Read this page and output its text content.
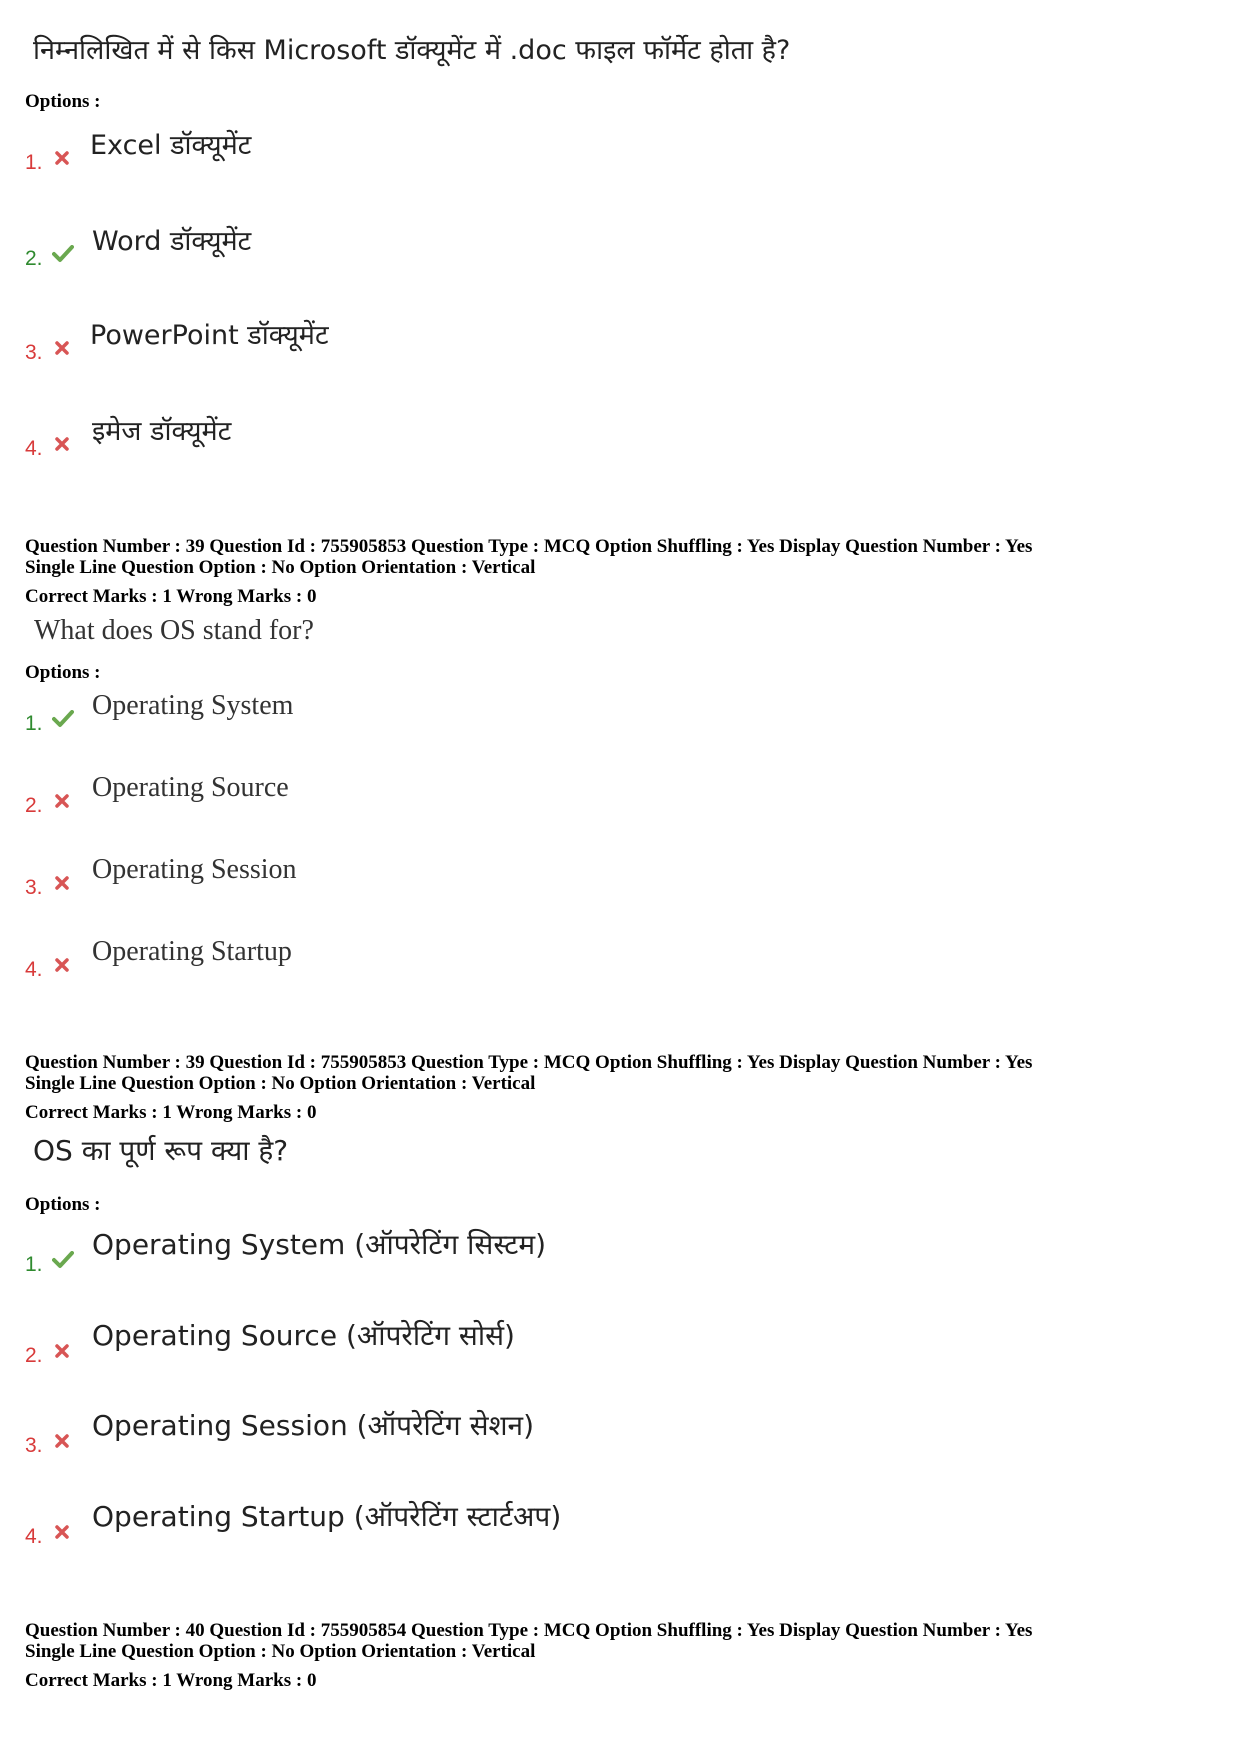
निम्नलिखित में से किस Microsoft डॉक्यूमेंट में .doc फाइल फॉर्मेट होता है?
Options :
1.
Excel डॉक्यूमेंट
2.
Word डॉक्यूमेंट
3.
PowerPoint डॉक्यूमेंट
4.
इमेज डॉक्यूमेंट
Question Number : 39 Question Id : 755905853 Question Type : MCQ Option Shuffling : Yes Display Question Number : Yes
Single Line Question Option : No Option Orientation : Vertical
Correct Marks : 1 Wrong Marks : 0
What does OS stand for?
Options :
1.
Operating System
2.
Operating Source
3.
Operating Session
4.
Operating Startup
Question Number : 39 Question Id : 755905853 Question Type : MCQ Option Shuffling : Yes Display Question Number : Yes
Single Line Question Option : No Option Orientation : Vertical
Correct Marks : 1 Wrong Marks : 0
OS का पूर्ण रूप क्या है?
Options :
1.
Operating System (ऑपरेटिंग सिस्टम)
2.
Operating Source (ऑपरेटिंग सोर्स)
3.
Operating Session (ऑपरेटिंग सेशन)
4.
Operating Startup (ऑपरेटिंग स्टार्टअप)
Question Number : 40 Question Id : 755905854 Question Type : MCQ Option Shuffling : Yes Display Question Number : Yes
Single Line Question Option : No Option Orientation : Vertical
Correct Marks : 1 Wrong Marks : 0
